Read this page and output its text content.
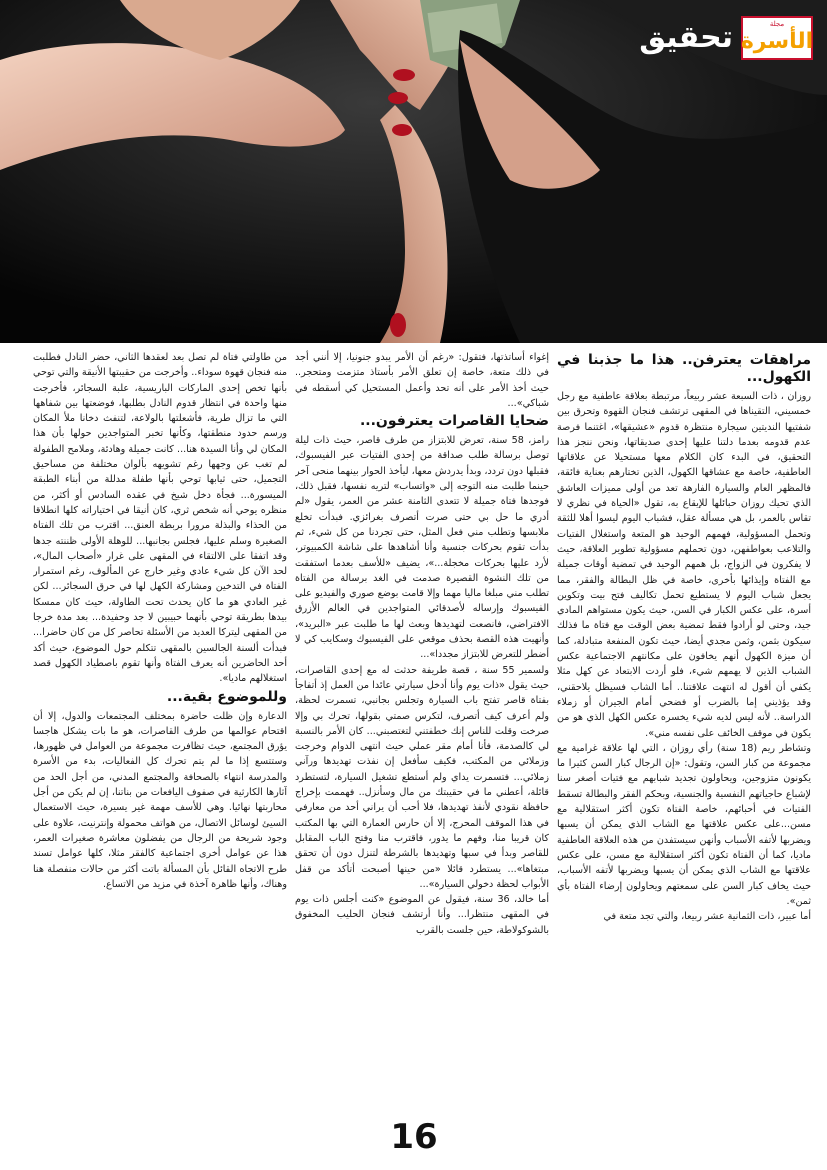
مجلة
الأسرة
تحقيق
مراهقات يعترفن.. هذا ما جذبنا في الكهول...

روزان ، ذات السبعة عشر ربيعاً، مرتبطة بعلاقة عاطفية مع رجل خمسيني، التقيناها في المقهى ترتشف فنجان القهوة وتحرق بين شفتيها النديتين سيجارة منتظرة قدوم «عشيقها»، اغتنما فرصة عدم قدومه بعدما دلتنا عليها إحدى صديقاتها، ونحن ننجز هذا التحقيق، في البدء كان الكلام معها مستحيلا عن علاقاتها العاطفية، خاصة مع عشاقها الكهول، الذين تختارهم بعناية فائقة، فالمظهر العام والسيارة الفارهة تعد من أولى مميزات العاشق الذي تحيك روزان حبائلها للإيقاع به، تقول «الحياة في نظري لا تقاس بالعمر، بل هي مسألة عقل، فشباب اليوم ليسوا أهلا للثقة وتحمل المسؤولية، فهمهم الوحيد هو المتعة واستغلال الفتيات والتلاعب بعواطفهن، دون تحملهم مسؤولية تطوير العلاقة، حيث لا يفكرون في الزواج، بل همهم الوحيد في تمضية أوقات جميلة مع الفتاة وإيذائها بأخرى، خاصة في ظل البطالة والفقر، مما يجعل شباب اليوم لا يستطيع تحمل تكاليف فتح بيت وتكوين أسرة، على عكس الكبار في السن، حيث يكون مستواهم المادي جيد، وحتى لو أرادوا فقط تمضية بعض الوقت مع فتاة ما فذلك سيكون بثمن، وثمن مجدي أيضا، حيث تكون المنفعة متبادلة، كما أن ميزة الكهول أنهم يخافون على مكانتهم الاجتماعية عكس الشباب الذين لا يهمهم شيء، فلو أردت الابتعاد عن كهل مثلا يكفي أن أقول له انتهت علاقتنا.. أما الشاب فسيظل يلاحقني، وقد يؤذيني إما بالضرب أو فضحي أمام الجيران أو زملاء الدراسة.. لأنه ليس لديه شيء يخسره عكس الكهل الذي هو من يكون في موقف الخائف على نفسه مني».

وتشاطر ريم (18 سنة) رأي روزان ، التي لها علاقة غرامية مع مجموعة من كبار السن، وتقول: «إن الرجال كبار السن كثيرا ما يكونون متزوجين، ويحاولون تجديد شبابهم مع فتيات أصغر سنا لإشباع حاجياتهم النفسية والجنسية، وبحكم الفقر والبطالة تسقط الفتيات في أحبائهم، خاصة الفتاة تكون أكثر استقلالية مع مسن...على عكس علاقتها مع الشاب الذي يمكن أن يسبها ويضربها لأتفه الأسباب وأنهن سيستفدن من هذه العلاقة العاطفية ماديا، كما أن الفتاة تكون أكثر استقلالية مع مسن، على عكس علاقتها مع الشاب الذي يمكن أن يسبها ويضربها لأتفه الأسباب، حيث يخاف كبار السن على سمعتهم ويحاولون إرضاء الفتاة بأي ثمن».

أما عبير، ذات الثمانية عشر ربيعا، والتي تجد متعة في

إغواء أساتذتها، فتقول: «رغم أن الأمر يبدو جنونيا، إلا أنني أجد في ذلك متعة، خاصة إن تعلق الأمر بأستاذ متزمت ومتحجر.. حيث أخذ الأمر على أنه تحد وأعمل المستحيل كي أسقطه في شباكي»...

ضحايا القاصرات يعترفون...

رامز، 58 سنة، تعرض للابتزاز من طرف قاصر، حيث ذات ليلة توصل برسالة طلب صداقة من إحدى الفتيات عبر الفيسبوك، فقبلها دون تردد، وبدأ يدردش معها، ليأخذ الحوار بينهما منحى آخر حينما طلبت منه التوجه إلى «واتساب» لتريه نفسها، فقبل ذلك، فوجدها فتاة جميلة لا تتعدى الثامنة عشر من العمر، يقول «لم أدري ما حل بي حتى صرت أتصرف بغرائزي. فبدأت تخلع ملابسها وتطلب مني فعل المثل، حتى تجردنا من كل شيء، ثم بدأت تقوم بحركات جنسية وأنا أشاهدها على شاشة الكمبيوتر، لأرد عليها بحركات مخجلة...»، يضيف «للأسف بعدما استفقت من تلك النشوة القصيرة صدمت في الغد برسالة من الفتاة تطلب مني مبلغا ماليا مهما وإلا قامت بوضع صوري والفيديو على الفيسبوك وإرساله لأصدقائي المتواجدين في العالم الأزرق الافتراضي، فانصعت لتهديدها وبعث لها ما طلبت عبر «البريد»، وأنهيت هذه القصة بحذف موقعي على الفيسبوك وسكايب كي لا أضطر للتعرض للابتزاز مجددا»...

ولسمير 55 سنة ، قصة طريفة حدثت له مع إحدى القاصرات، حيث يقول «ذات يوم وأنا أدخل سيارتي عائدا من العمل إذ أتفاجأ بفتاة قاصر تفتح باب السيارة وتجلس بجانبي، تسمرت لحظة، ولم أعرف كيف أتصرف، لتكرس صمتي بقولها، تحرك بي وإلا صرخت وقلت للناس إنك خطفتني لتغتصبني... كان الأمر بالنسبة لي كالصدمة، فأنا أمام مقر عملي حيث انتهى الدوام وخرجت وزملائي من المكتب، فكيف سأفعل إن نفذت تهديدها ورآني زملائي... فتسمرت يداي ولم أستطع تشغيل السيارة، لتستطرد قائلة، أعطني ما في حقيبتك من مال وسأنزل.. فهممت بإخراج حافظة نقودي لأنفذ تهديدها، فلا أحب أن يراني أحد من معارفي في هذا الموقف المحرج، إلا أن حارس العمارة التي بها المكتب كان قريبا منا، وفهم ما يدور، فاقترب منا وفتح الباب المقابل للقاصر وبدأ في سبها وتهديدها بالشرطة لتنزل دون أن تحقق مبتغاها»... يستطرد قائلا «من حينها أصبحت أتأكد من قفل الأبواب لحظة دخولي السيارة»...

أما خالد، 36 سنة، فيقول عن الموضوع «كنت أجلس ذات يوم في المقهى منتظرا... وأنا أرتشف فنجان الحليب المخفوق بالشوكولاطة، حين جلست بالقرب

من طاولتي فتاة لم تصل بعد لعقدها الثاني، حضر النادل فطلبت منه فنجان قهوة سوداء.. وأخرجت من حقيبتها الأنيقة والتي توحي بأنها تخص إحدى الماركات الباريسية، علبة السجائر، فأخرجت منها واحدة في انتظار قدوم النادل بطلبها، فوضعتها بين شفاهها التي ما تزال طرية، فأشعلتها بالولاعة، لتنفث دخانا ملأ المكان ورسم حدود منطقتها، وكأنها تخبر المتواجدين حولها بأن هذا المكان لي وأنا السيدة هنا... كانت جميلة وهادئة، وملامح الطفولة لم تغب عن وجهها رغم تشويهه بألوان مختلفة من مساحيق التجميل، حتى ثيابها توحي بأنها طفلة مدللة من أبناء الطبقة الميسورة... فجأة دخل شيخ في عقده السادس أو أكثر، من منظره يوحي أنه شخص ثري، كان أنيقا في اختياراته كلها انطلاقا من الحذاء والبذلة مرورا بربطة العنق... اقترب من تلك الفتاة الصغيرة وسلم عليها، فجلس بجانبها... للوهلة الأولى ظننته جدها وقد اتفقا على الالتقاء في المقهى على غرار «أصحاب المال»، لحد الآن كل شيء عادي وغير خارج عن المألوف، رغم استمرار الفتاة في التدخين ومشاركة الكهل لها في حرق السجائر... لكن غير العادي هو ما كان يحدث تحت الطاولة، حيث كان ممسكا بيدها بطريقة توحي بأنهما حبيبين لا جد وحفيدة... بعد مدة خرجا من المقهى ليتركا العديد من الأسئلة تحاصر كل من كان حاضرا... فبدأت ألسنة الجالسين بالمقهى تتكلم حول الموضوع، حيث أكد أحد الحاضرين أنه يعرف الفتاة وأنها تقوم باصطياد الكهول قصد استغلالهم ماديا».

وللموضوع بقية...

الدعارة وإن ظلت حاضرة بمختلف المجتمعات والدول، إلا أن اقتحام عوالمها من طرف القاصرات، هو ما بات يشكل هاجسا يؤرق المجتمع، حيث تظافرت مجموعة من العوامل في ظهورها، وستتسع إذا ما لم يتم تحرك كل الفعاليات، بدء من الأسرة والمدرسة انتهاء بالصحافة والمجتمع المدني، من أجل الحد من آثارها الكارثية في صفوف اليافعات من بناتنا، إن لم يكن من أجل محاربتها نهائيا. وهي للأسف مهمة غير يسيرة، حيث الاستعمال السيئ لوسائل الاتصال، من هواتف محمولة وإنترنيت، علاوة على وجود شريحة من الرجال من يفضلون معاشرة صغيرات العمر، هذا عن عوامل أخرى اجتماعية كالفقر مثلا، كلها عوامل تسند طرح الاتجاه القائل بأن المسألة باتت أكثر من حالات منفصلة هنا وهناك، وأنها ظاهرة آخذة في مزيد من الاتساع.

16
